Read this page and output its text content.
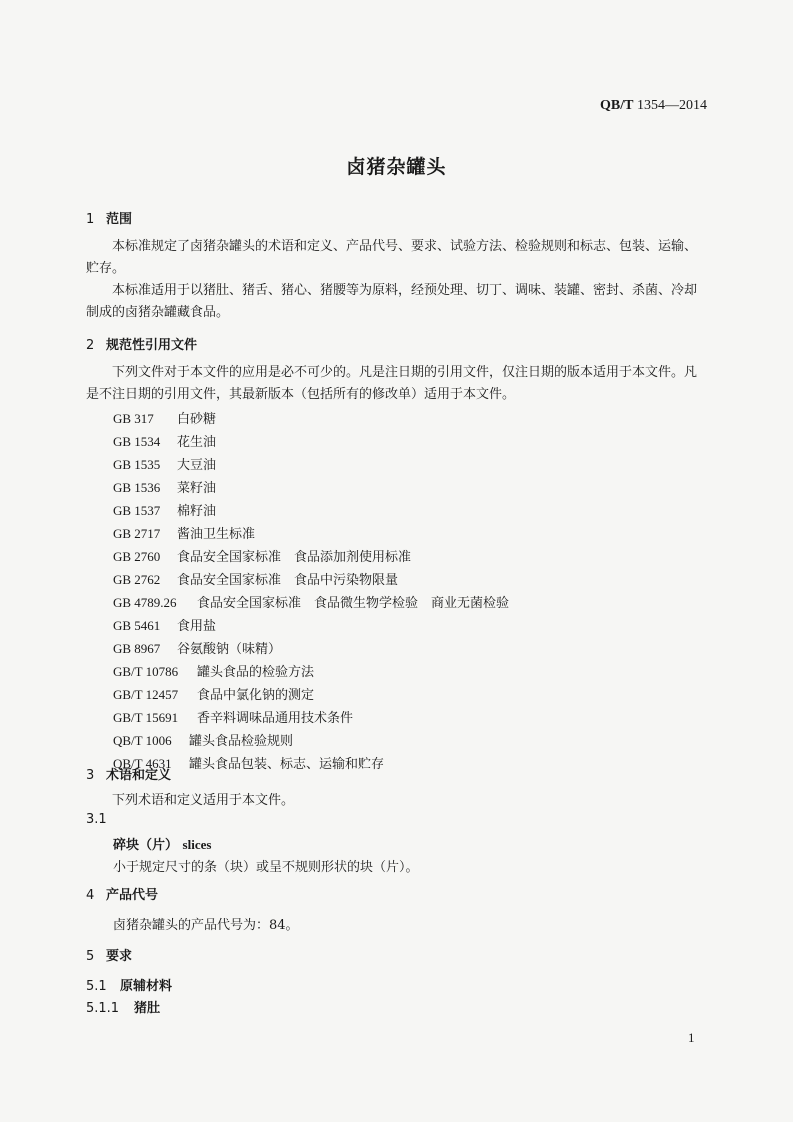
QB/T 1354—2014
卤猪杂罐头
1 范围
本标准规定了卤猪杂罐头的术语和定义、产品代号、要求、试验方法、检验规则和标志、包装、运输、贮存。
本标准适用于以猪肚、猪舌、猪心、猪腰等为原料，经预处理、切丁、调味、装罐、密封、杀菌、冷却制成的卤猪杂罐藏食品。
2 规范性引用文件
下列文件对于本文件的应用是必不可少的。凡是注日期的引用文件，仅注日期的版本适用于本文件。凡是不注日期的引用文件，其最新版本（包括所有的修改单）适用于本文件。
GB 317 白砂糖
GB 1534 花生油
GB 1535 大豆油
GB 1536 菜籽油
GB 1537 棉籽油
GB 2717 酱油卫生标准
GB 2760 食品安全国家标准　食品添加剂使用标准
GB 2762 食品安全国家标准　食品中污染物限量
GB 4789.26 食品安全国家标准　食品微生物学检验　商业无菌检验
GB 5461 食用盐
GB 8967 谷氨酸钠（味精）
GB/T 10786 罐头食品的检验方法
GB/T 12457 食品中氯化钠的测定
GB/T 15691 香辛料调味品通用技术条件
QB/T 1006 罐头食品检验规则
QB/T 4631 罐头食品包装、标志、运输和贮存
3 术语和定义
下列术语和定义适用于本文件。
3.1
碎块（片） slices
小于规定尺寸的条（块）或呈不规则形状的块（片）。
4 产品代号
卤猪杂罐头的产品代号为：84。
5 要求
5.1 原辅材料
5.1.1 猪肚
1
